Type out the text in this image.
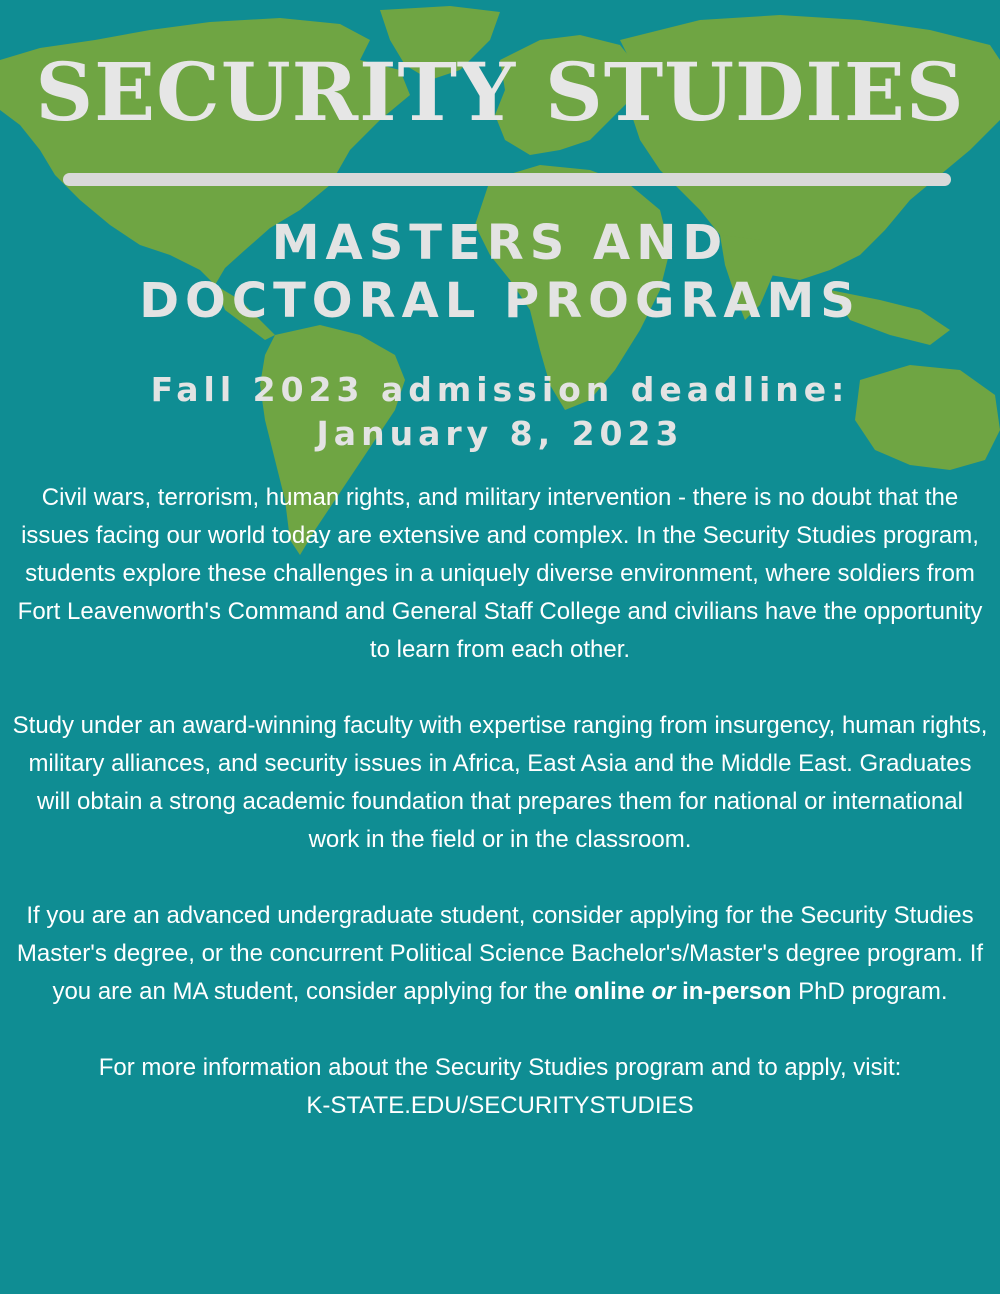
SECURITY STUDIES
MASTERS AND
DOCTORAL PROGRAMS
Fall 2023 admission deadline:
January 8, 2023

Civil wars, terrorism, human rights, and military intervention - there is no doubt that the issues facing our world today are extensive and complex. In the Security Studies program, students explore these challenges in a uniquely diverse environment, where soldiers from Fort Leavenworth's Command and General Staff College and civilians have the opportunity to learn from each other.

Study under an award-winning faculty with expertise ranging from insurgency, human rights, military alliances, and security issues in Africa, East Asia and the Middle East. Graduates will obtain a strong academic foundation that prepares them for national or international work in the field or in the classroom.

If you are an advanced undergraduate student, consider applying for the Security Studies Master's degree, or the concurrent Political Science Bachelor's/Master's degree program. If you are an MA student, consider applying for the online or in-person PhD program.

For more information about the Security Studies program and to apply, visit:
K-STATE.EDU/SECURITYSTUDIES
